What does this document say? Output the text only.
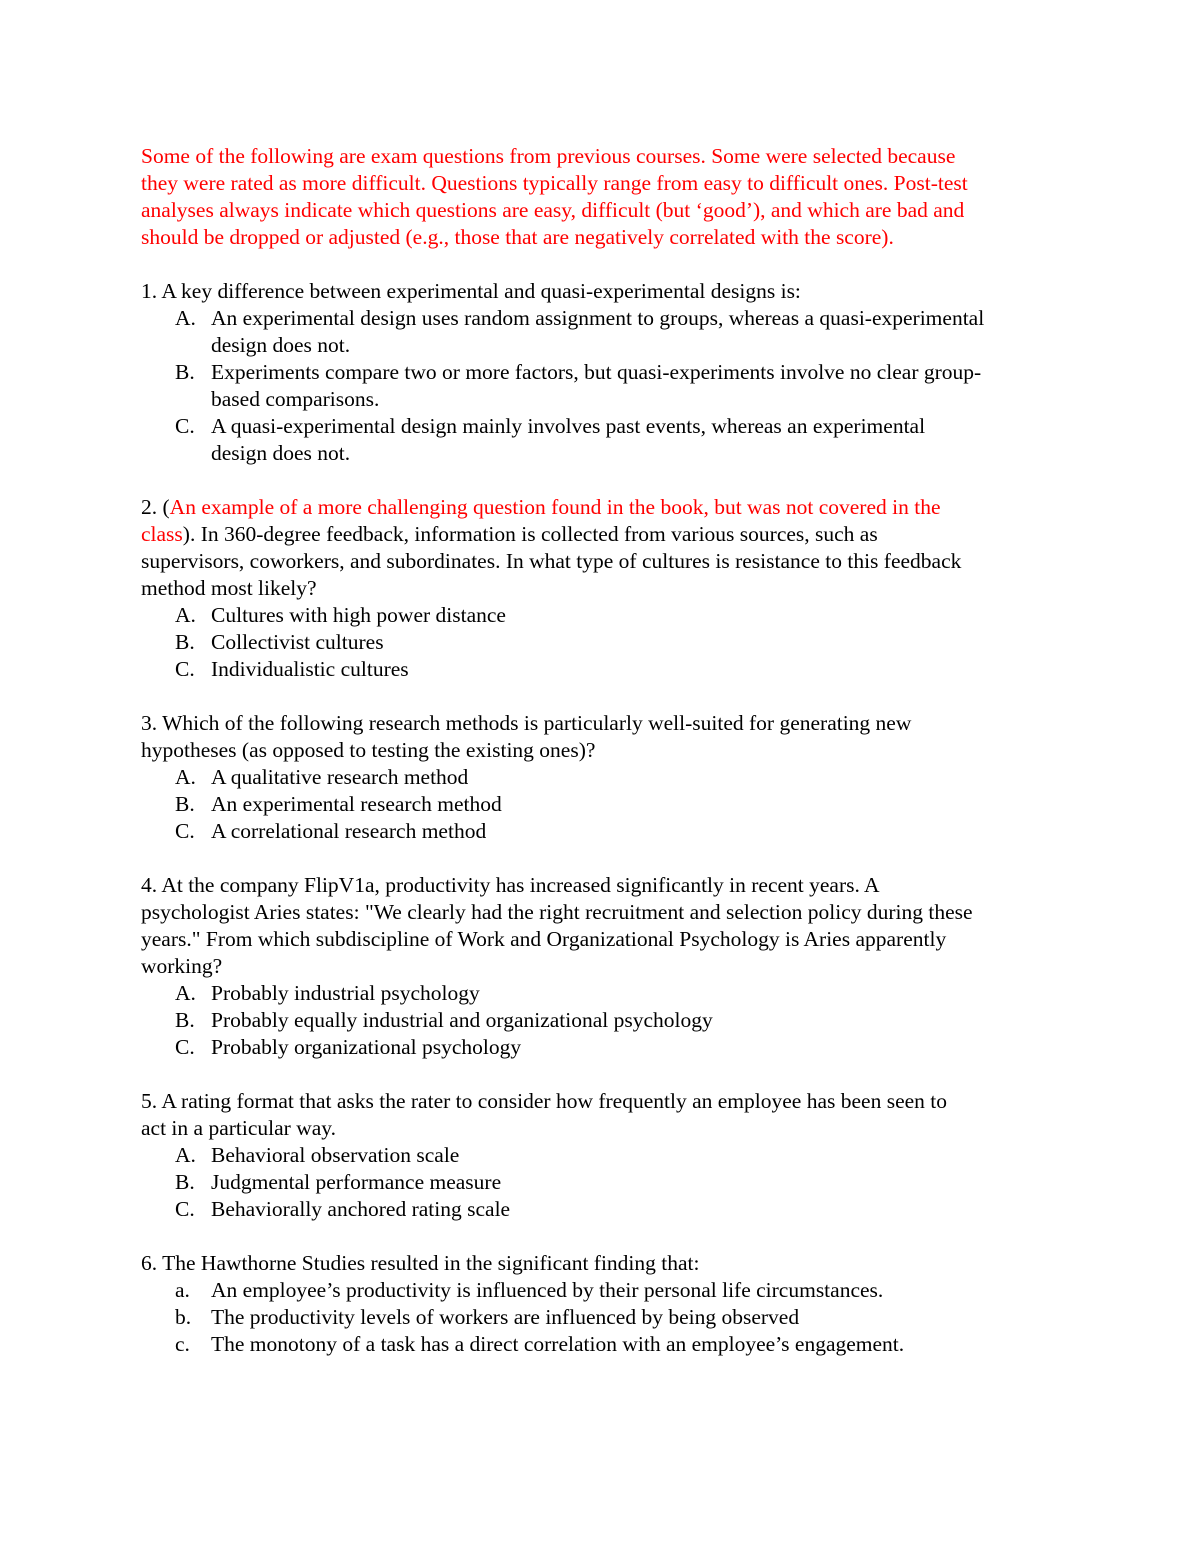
Some of the following are exam questions from previous courses. Some were selected because
they were rated as more difficult. Questions typically range from easy to difficult ones. Post-test
analyses always indicate which questions are easy, difficult (but ‘good’), and which are bad and
should be dropped or adjusted (e.g., those that are negatively correlated with the score).
1. A key difference between experimental and quasi-experimental designs is:
A. An experimental design uses random assignment to groups, whereas a quasi-experimental
design does not.
B. Experiments compare two or more factors, but quasi-experiments involve no clear group-
based comparisons.
C. A quasi-experimental design mainly involves past events, whereas an experimental
design does not.
2. (An example of a more challenging question found in the book, but was not covered in the
class). In 360-degree feedback, information is collected from various sources, such as
supervisors, coworkers, and subordinates. In what type of cultures is resistance to this feedback
method most likely?
A. Cultures with high power distance
B. Collectivist cultures
C. Individualistic cultures
3. Which of the following research methods is particularly well-suited for generating new
hypotheses (as opposed to testing the existing ones)?
A. A qualitative research method
B. An experimental research method
C. A correlational research method
4. At the company FlipV1a, productivity has increased significantly in recent years. A
psychologist Aries states: "We clearly had the right recruitment and selection policy during these
years." From which subdiscipline of Work and Organizational Psychology is Aries apparently
working?
A. Probably industrial psychology
B. Probably equally industrial and organizational psychology
C. Probably organizational psychology
5. A rating format that asks the rater to consider how frequently an employee has been seen to
act in a particular way.
A. Behavioral observation scale
B. Judgmental performance measure
C. Behaviorally anchored rating scale
6. The Hawthorne Studies resulted in the significant finding that:
a. An employee’s productivity is influenced by their personal life circumstances.
b. The productivity levels of workers are influenced by being observed
c. The monotony of a task has a direct correlation with an employee’s engagement.
